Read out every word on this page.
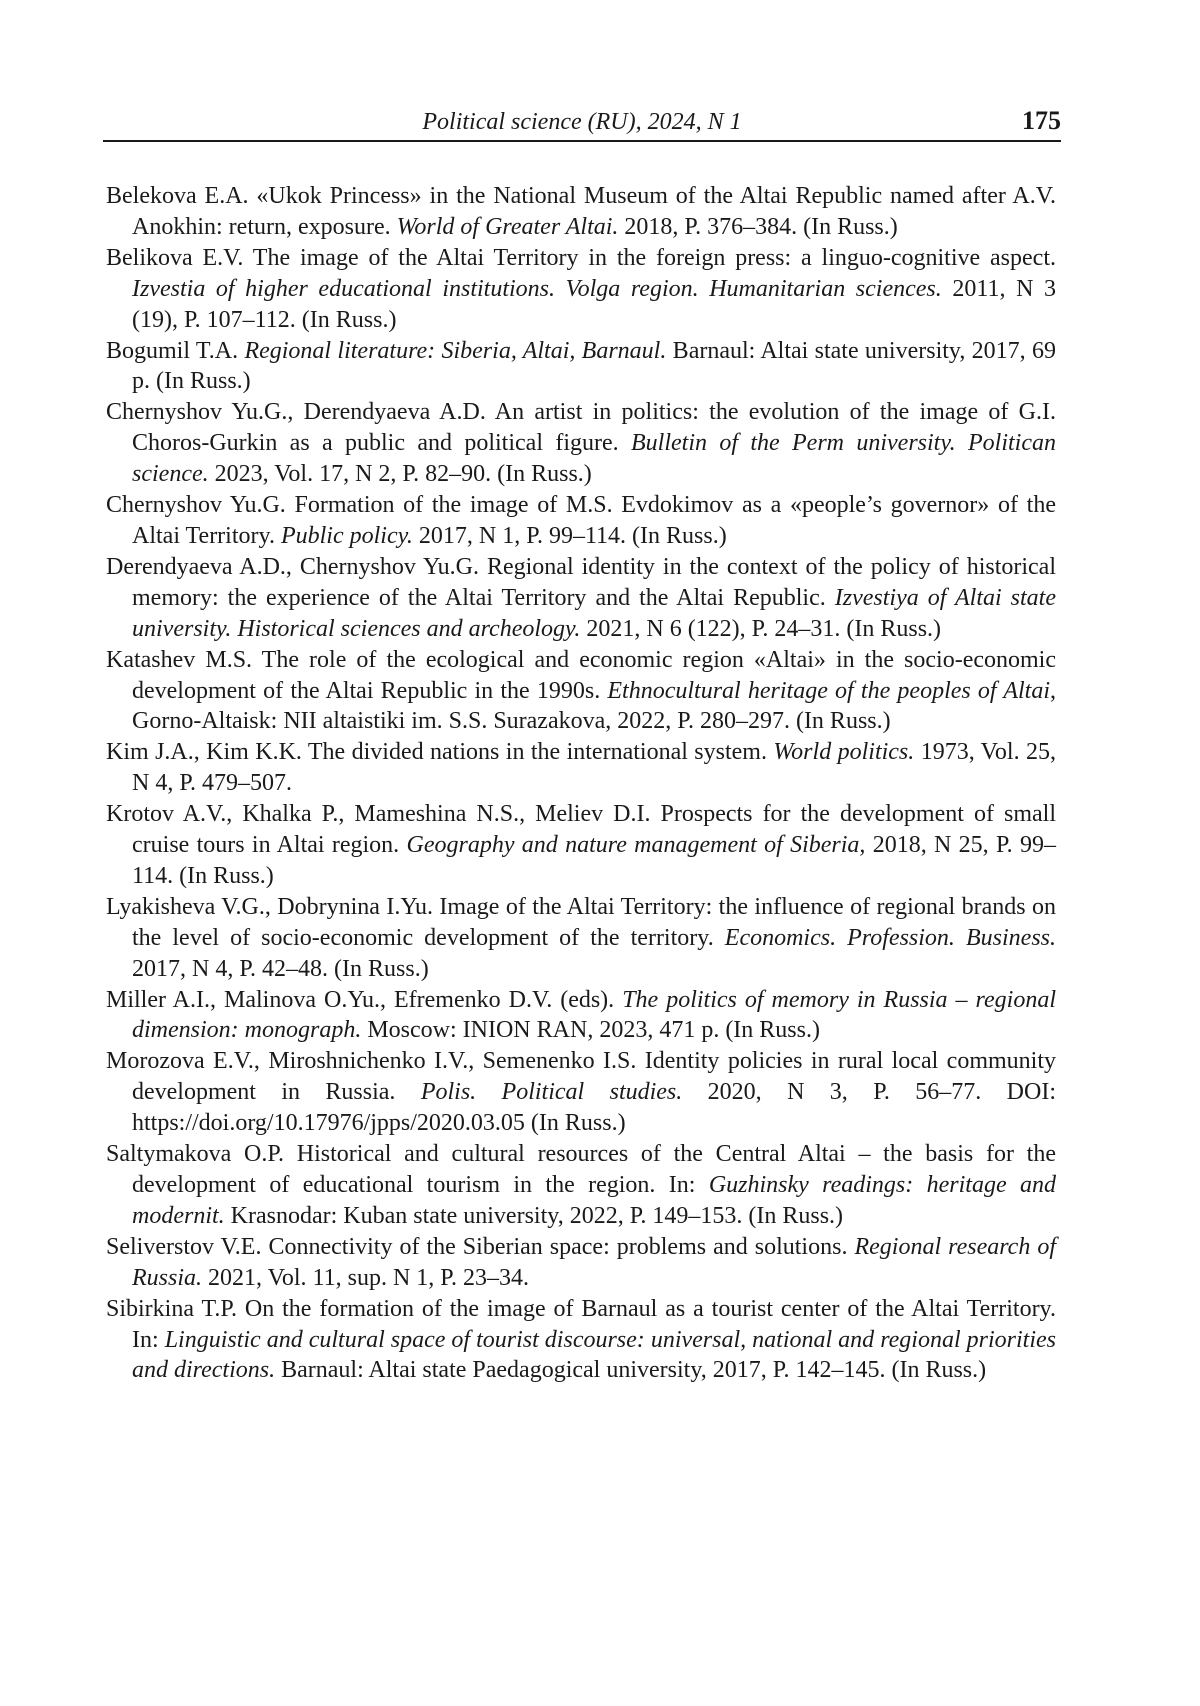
Political science (RU), 2024, N 1	175
Belekova E.A. «Ukok Princess» in the National Museum of the Altai Republic named after A.V. Anokhin: return, exposure. World of Greater Altai. 2018, P. 376–384. (In Russ.)
Belikova E.V. The image of the Altai Territory in the foreign press: a linguo-cognitive aspect. Izvestia of higher educational institutions. Volga region. Humanitarian sciences. 2011, N 3 (19), P. 107–112. (In Russ.)
Bogumil T.A. Regional literature: Siberia, Altai, Barnaul. Barnaul: Altai state university, 2017, 69 p. (In Russ.)
Chernyshov Yu.G., Derendyaeva A.D. An artist in politics: the evolution of the image of G.I. Choros-Gurkin as a public and political figure. Bulletin of the Perm university. Politican science. 2023, Vol. 17, N 2, P. 82–90. (In Russ.)
Chernyshov Yu.G. Formation of the image of M.S. Evdokimov as a «people’s governor» of the Altai Territory. Public policy. 2017, N 1, P. 99–114. (In Russ.)
Derendyaeva A.D., Chernyshov Yu.G. Regional identity in the context of the policy of historical memory: the experience of the Altai Territory and the Altai Republic. Izvestiya of Altai state university. Historical sciences and archeology. 2021, N 6 (122), P. 24–31. (In Russ.)
Katashev M.S. The role of the ecological and economic region «Altai» in the socio-economic development of the Altai Republic in the 1990s. Ethnocultural heritage of the peoples of Altai, Gorno-Altaisk: NII altaistiki im. S.S. Surazakova, 2022, P. 280–297. (In Russ.)
Kim J.A., Kim K.K. The divided nations in the international system. World politics. 1973, Vol. 25, N 4, P. 479–507.
Krotov A.V., Khalka P., Mameshina N.S., Meliev D.I. Prospects for the development of small cruise tours in Altai region. Geography and nature management of Siberia, 2018, N 25, P. 99–114. (In Russ.)
Lyakisheva V.G., Dobrynina I.Yu. Image of the Altai Territory: the influence of regional brands on the level of socio-economic development of the territory. Economics. Profession. Business. 2017, N 4, P. 42–48. (In Russ.)
Miller A.I., Malinova O.Yu., Efremenko D.V. (eds). The politics of memory in Russia – regional dimension: monograph. Moscow: INION RAN, 2023, 471 p. (In Russ.)
Morozova E.V., Miroshnichenko I.V., Semenenko I.S. Identity policies in rural local community development in Russia. Polis. Political studies. 2020, N 3, P. 56–77. DOI: https://doi.org/10.17976/jpps/2020.03.05 (In Russ.)
Saltymakova O.P. Historical and cultural resources of the Central Altai – the basis for the development of educational tourism in the region. In: Guzhinsky readings: heritage and modernit. Krasnodar: Kuban state university, 2022, P. 149–153. (In Russ.)
Seliverstov V.E. Connectivity of the Siberian space: problems and solutions. Regional research of Russia. 2021, Vol. 11, sup. N 1, P. 23–34.
Sibirkina T.P. On the formation of the image of Barnaul as a tourist center of the Altai Territory. In: Linguistic and cultural space of tourist discourse: universal, national and regional priorities and directions. Barnaul: Altai state Paedagogical university, 2017, P. 142–145. (In Russ.)
